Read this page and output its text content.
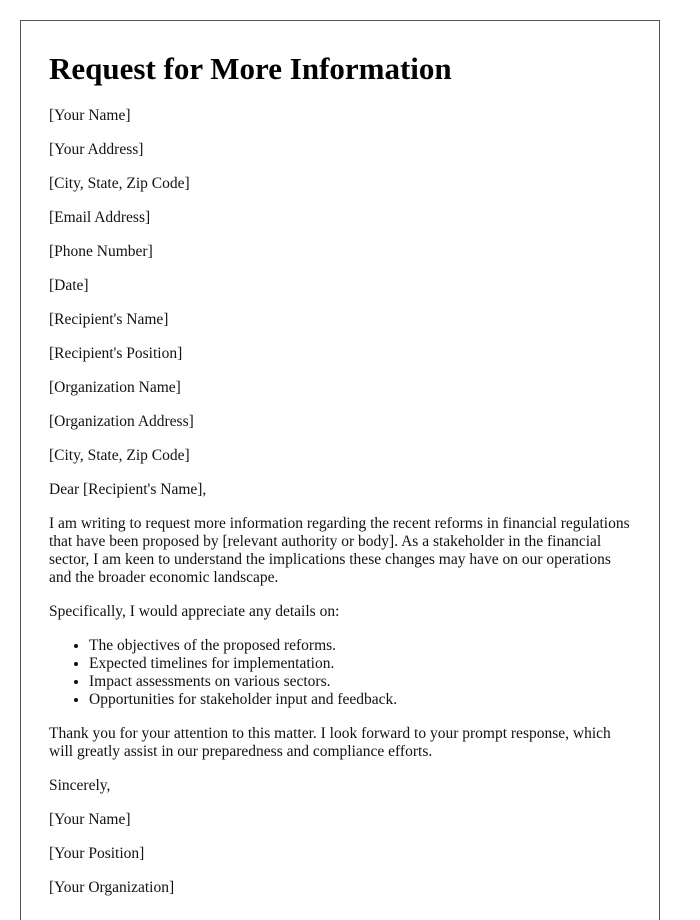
Request for More Information

[Your Name]

[Your Address]

[City, State, Zip Code]

[Email Address]

[Phone Number]

[Date]

[Recipient's Name]

[Recipient's Position]

[Organization Name]

[Organization Address]

[City, State, Zip Code]

Dear [Recipient's Name],

I am writing to request more information regarding the recent reforms in financial regulations that have been proposed by [relevant authority or body]. As a stakeholder in the financial sector, I am keen to understand the implications these changes may have on our operations and the broader economic landscape.

Specifically, I would appreciate any details on:

• The objectives of the proposed reforms.
• Expected timelines for implementation.
• Impact assessments on various sectors.
• Opportunities for stakeholder input and feedback.

Thank you for your attention to this matter. I look forward to your prompt response, which will greatly assist in our preparedness and compliance efforts.

Sincerely,

[Your Name]

[Your Position]

[Your Organization]
